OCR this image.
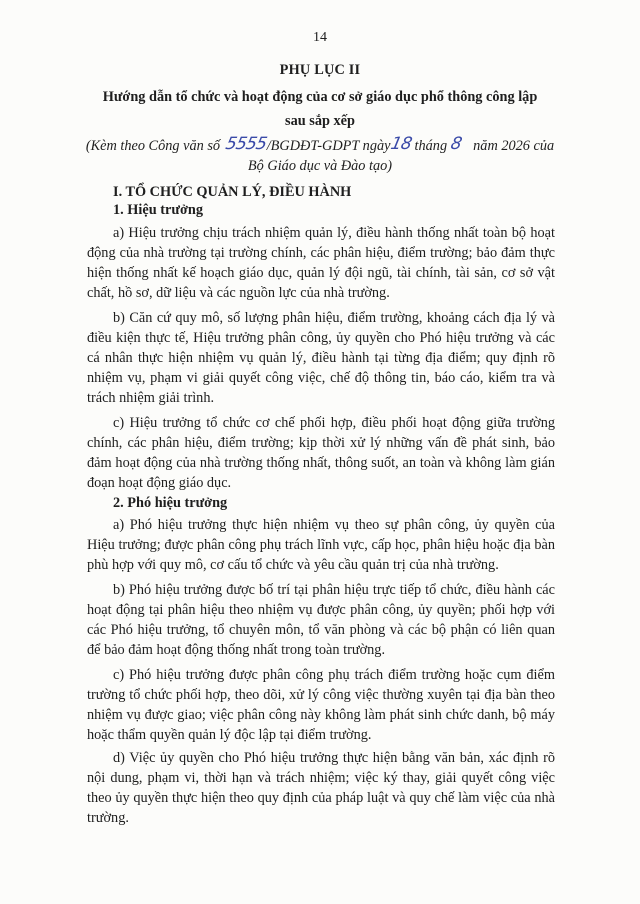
14
PHỤ LỤC II
Hướng dẫn tổ chức và hoạt động của cơ sở giáo dục phổ thông công lập
sau sắp xếp
(Kèm theo Công văn số 5555/BGDĐT-GDPT ngày18tháng 8 năm 2026 của
Bộ Giáo dục và Đào tạo)
I. TỔ CHỨC QUẢN LÝ, ĐIỀU HÀNH

1. Hiệu trưởng

a) Hiệu trưởng chịu trách nhiệm quản lý, điều hành thống nhất toàn bộ hoạt động của nhà trường tại trường chính, các phân hiệu, điểm trường; bảo đảm thực hiện thống nhất kế hoạch giáo dục, quản lý đội ngũ, tài chính, tài sản, cơ sở vật chất, hồ sơ, dữ liệu và các nguồn lực của nhà trường.

b) Căn cứ quy mô, số lượng phân hiệu, điểm trường, khoảng cách địa lý và điều kiện thực tế, Hiệu trưởng phân công, ủy quyền cho Phó hiệu trưởng và các cá nhân thực hiện nhiệm vụ quản lý, điều hành tại từng địa điểm; quy định rõ nhiệm vụ, phạm vi giải quyết công việc, chế độ thông tin, báo cáo, kiểm tra và trách nhiệm giải trình.

c) Hiệu trưởng tổ chức cơ chế phối hợp, điều phối hoạt động giữa trường chính, các phân hiệu, điểm trường; kịp thời xử lý những vấn đề phát sinh, bảo đảm hoạt động của nhà trường thống nhất, thông suốt, an toàn và không làm gián đoạn hoạt động giáo dục.

2. Phó hiệu trưởng

a) Phó hiệu trưởng thực hiện nhiệm vụ theo sự phân công, ủy quyền của Hiệu trưởng; được phân công phụ trách lĩnh vực, cấp học, phân hiệu hoặc địa bàn phù hợp với quy mô, cơ cấu tổ chức và yêu cầu quản trị của nhà trường.

b) Phó hiệu trưởng được bố trí tại phân hiệu trực tiếp tổ chức, điều hành các hoạt động tại phân hiệu theo nhiệm vụ được phân công, ủy quyền; phối hợp với các Phó hiệu trưởng, tổ chuyên môn, tổ văn phòng và các bộ phận có liên quan để bảo đảm hoạt động thống nhất trong toàn trường.

c) Phó hiệu trưởng được phân công phụ trách điểm trường hoặc cụm điểm trường tổ chức phối hợp, theo dõi, xử lý công việc thường xuyên tại địa bàn theo nhiệm vụ được giao; việc phân công này không làm phát sinh chức danh, bộ máy hoặc thẩm quyền quản lý độc lập tại điểm trường.

d) Việc ủy quyền cho Phó hiệu trưởng thực hiện bằng văn bản, xác định rõ nội dung, phạm vi, thời hạn và trách nhiệm; việc ký thay, giải quyết công việc theo ủy quyền thực hiện theo quy định của pháp luật và quy chế làm việc của nhà trường.
